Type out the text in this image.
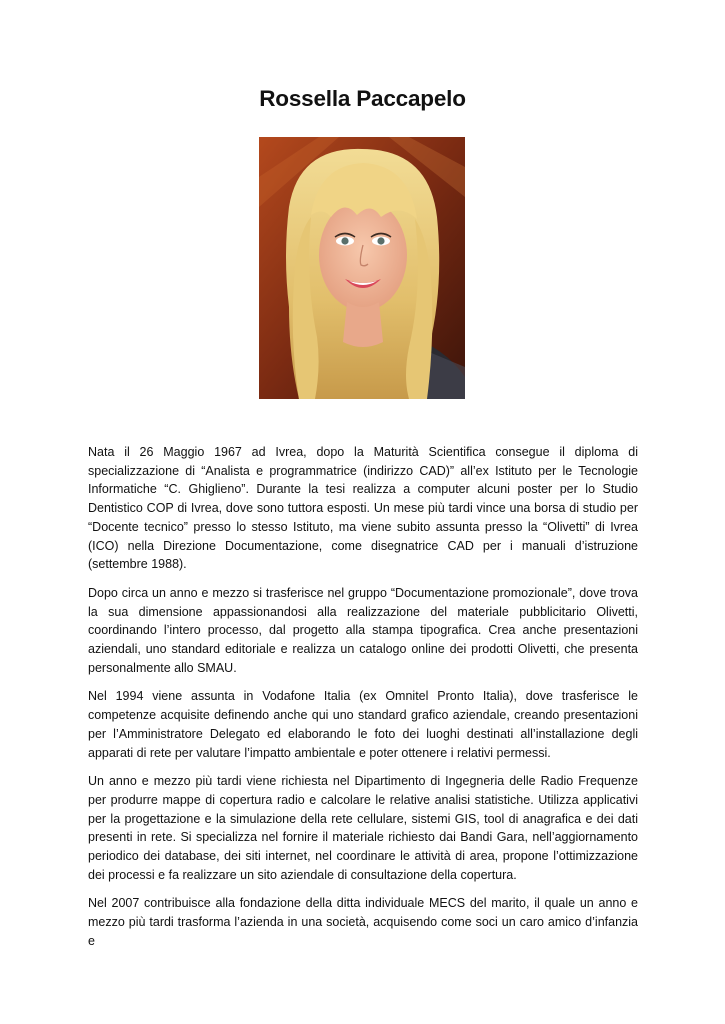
Rossella Paccapelo

Nata il 26 Maggio 1967 ad Ivrea, dopo la Maturità Scientifica consegue il diploma di specializzazione di “Analista e programmatrice (indirizzo CAD)” all’ex Istituto per le Tecnologie Informatiche “C. Ghiglieno”. Durante la tesi realizza a computer alcuni poster per lo Studio Dentistico COP di Ivrea, dove sono tuttora esposti. Un mese più tardi vince una borsa di studio per “Docente tecnico” presso lo stesso Istituto, ma viene subito assunta presso la “Olivetti” di Ivrea (ICO) nella Direzione Documentazione, come disegnatrice CAD per i manuali d’istruzione (settembre 1988).

Dopo circa un anno e mezzo si trasferisce nel gruppo “Documentazione promozionale”, dove trova la sua dimensione appassionandosi alla realizzazione del materiale pubblicitario Olivetti, coordinando l’intero processo, dal progetto alla stampa tipografica. Crea anche presentazioni aziendali, uno standard editoriale e realizza un catalogo online dei prodotti Olivetti, che presenta personalmente allo SMAU.

Nel 1994 viene assunta in Vodafone Italia (ex Omnitel Pronto Italia), dove trasferisce le competenze acquisite definendo anche qui uno standard grafico aziendale, creando presentazioni per l’Amministratore Delegato ed elaborando le foto dei luoghi destinati all’installazione degli apparati di rete per valutare l’impatto ambientale e poter ottenere i relativi permessi.

Un anno e mezzo più tardi viene richiesta nel Dipartimento di Ingegneria delle Radio Frequenze per produrre mappe di copertura radio e calcolare le relative analisi statistiche. Utilizza applicativi per la progettazione e la simulazione della rete cellulare, sistemi GIS, tool di anagrafica e dei dati presenti in rete. Si specializza nel fornire il materiale richiesto dai Bandi Gara, nell’aggiornamento periodico dei database, dei siti internet, nel coordinare le attività di area, propone l’ottimizzazione dei processi e fa realizzare un sito aziendale di consultazione della copertura.

Nel 2007 contribuisce alla fondazione della ditta individuale MECS del marito, il quale un anno e mezzo più tardi trasforma l’azienda in una società, acquisendo come soci un caro amico d’infanzia e
